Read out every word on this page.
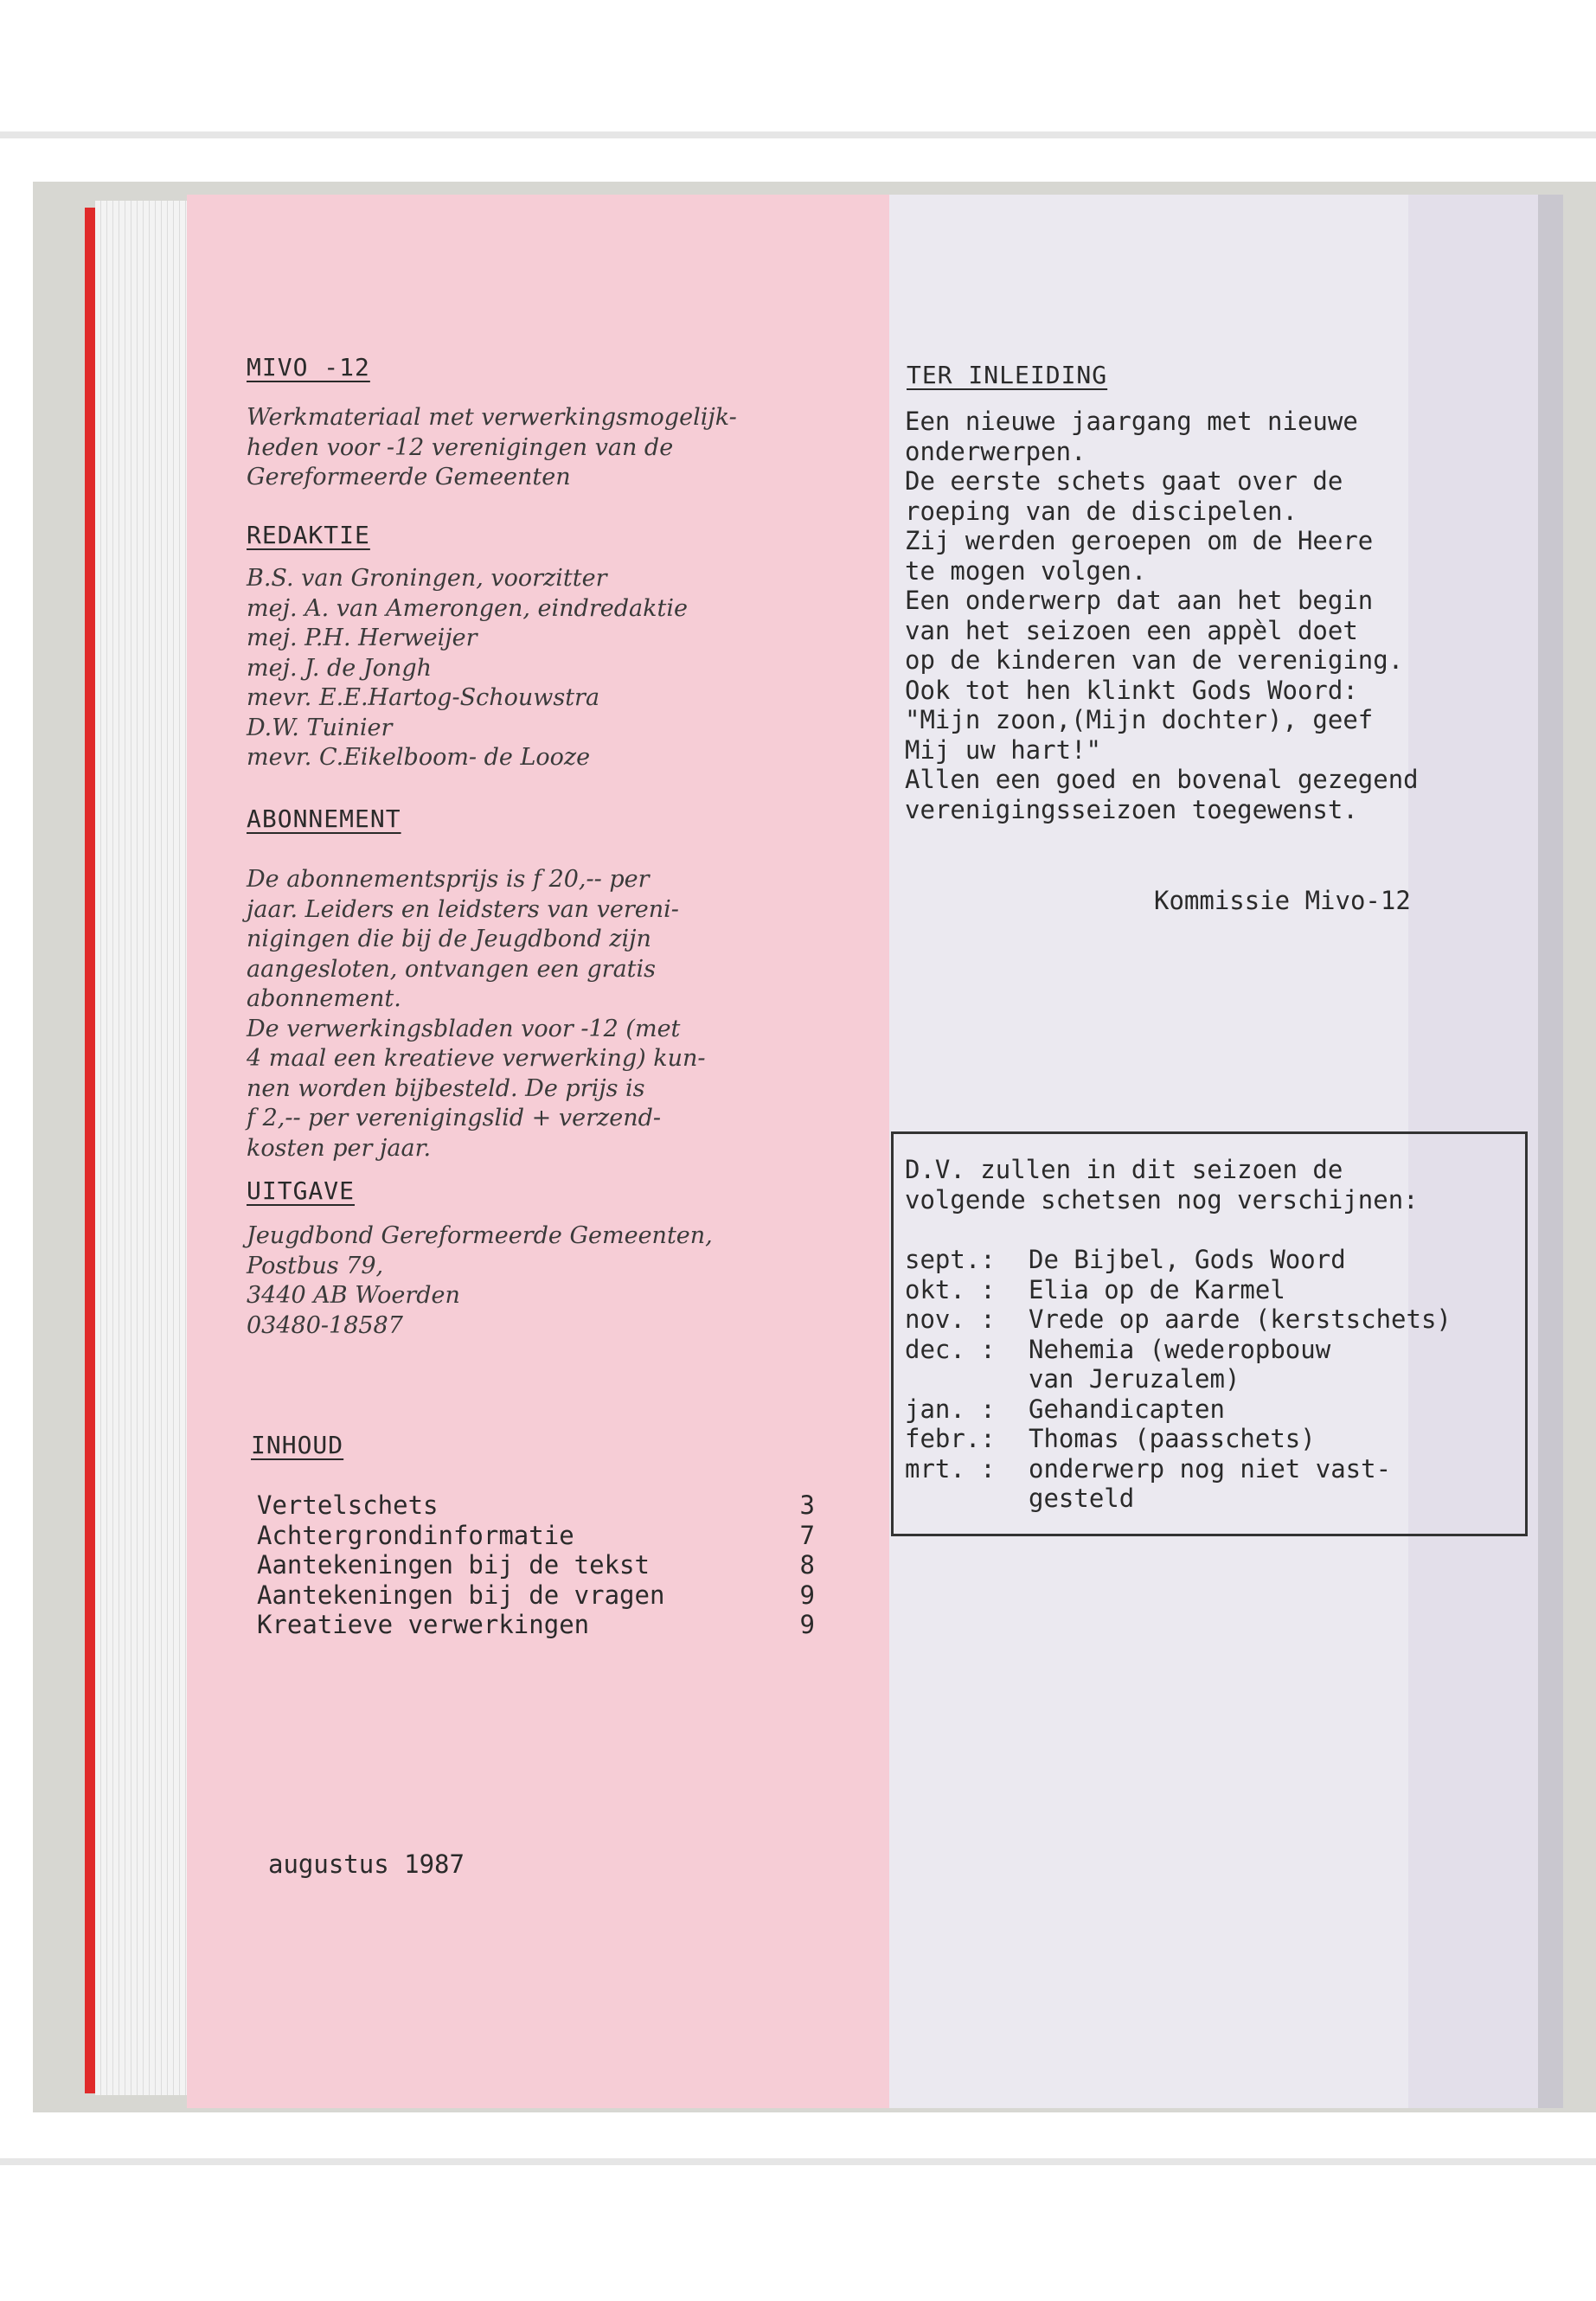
MIVO -12
Werkmateriaal met verwerkingsmogelijk-
heden voor -12 verenigingen van de
Gereformeerde Gemeenten
REDAKTIE
B.S. van Groningen, voorzitter
mej. A. van Amerongen, eindredaktie
mej. P.H. Herweijer
mej. J. de Jongh
mevr. E.E.Hartog-Schouwstra
D.W. Tuinier
mevr. C.Eikelboom- de Looze
ABONNEMENT
De abonnementsprijs is f 20,-- per
jaar. Leiders en leidsters van vereni-
nigingen die bij de Jeugdbond zijn
aangesloten, ontvangen een gratis
abonnement.
De verwerkingsbladen voor -12 (met
4 maal een kreatieve verwerking) kun-
nen worden bijbesteld. De prijs is
f 2,-- per verenigingslid + verzend-
kosten per jaar.
UITGAVE
Jeugdbond Gereformeerde Gemeenten,
Postbus 79,
3440 AB Woerden
03480-18587
INHOUD
Vertelschets	3
Achtergrondinformatie	7
Aantekeningen bij de tekst	8
Aantekeningen bij de vragen	9
Kreatieve verwerkingen	9
augustus 1987
TER INLEIDING
Een nieuwe jaargang met nieuwe
onderwerpen.
De eerste schets gaat over de
roeping van de discipelen.
Zij werden geroepen om de Heere
te mogen volgen.
Een onderwerp dat aan het begin
van het seizoen een appèl doet
op de kinderen van de vereniging.
Ook tot hen klinkt Gods Woord:
"Mijn zoon,(Mijn dochter), geef
Mij uw hart!"
Allen een goed en bovenal gezegend
verenigingsseizoen toegewenst.
Kommissie Mivo-12
D.V. zullen in dit seizoen de
volgende schetsen nog verschijnen:
sept.:	De Bijbel, Gods Woord
okt. :	Elia op de Karmel
nov. :	Vrede op aarde (kerstschets)
dec. :	Nehemia (wederopbouw
van Jeruzalem)
jan. :	Gehandicapten
febr.:	Thomas (paasschets)
mrt. :	onderwerp nog niet vast-
gesteld
